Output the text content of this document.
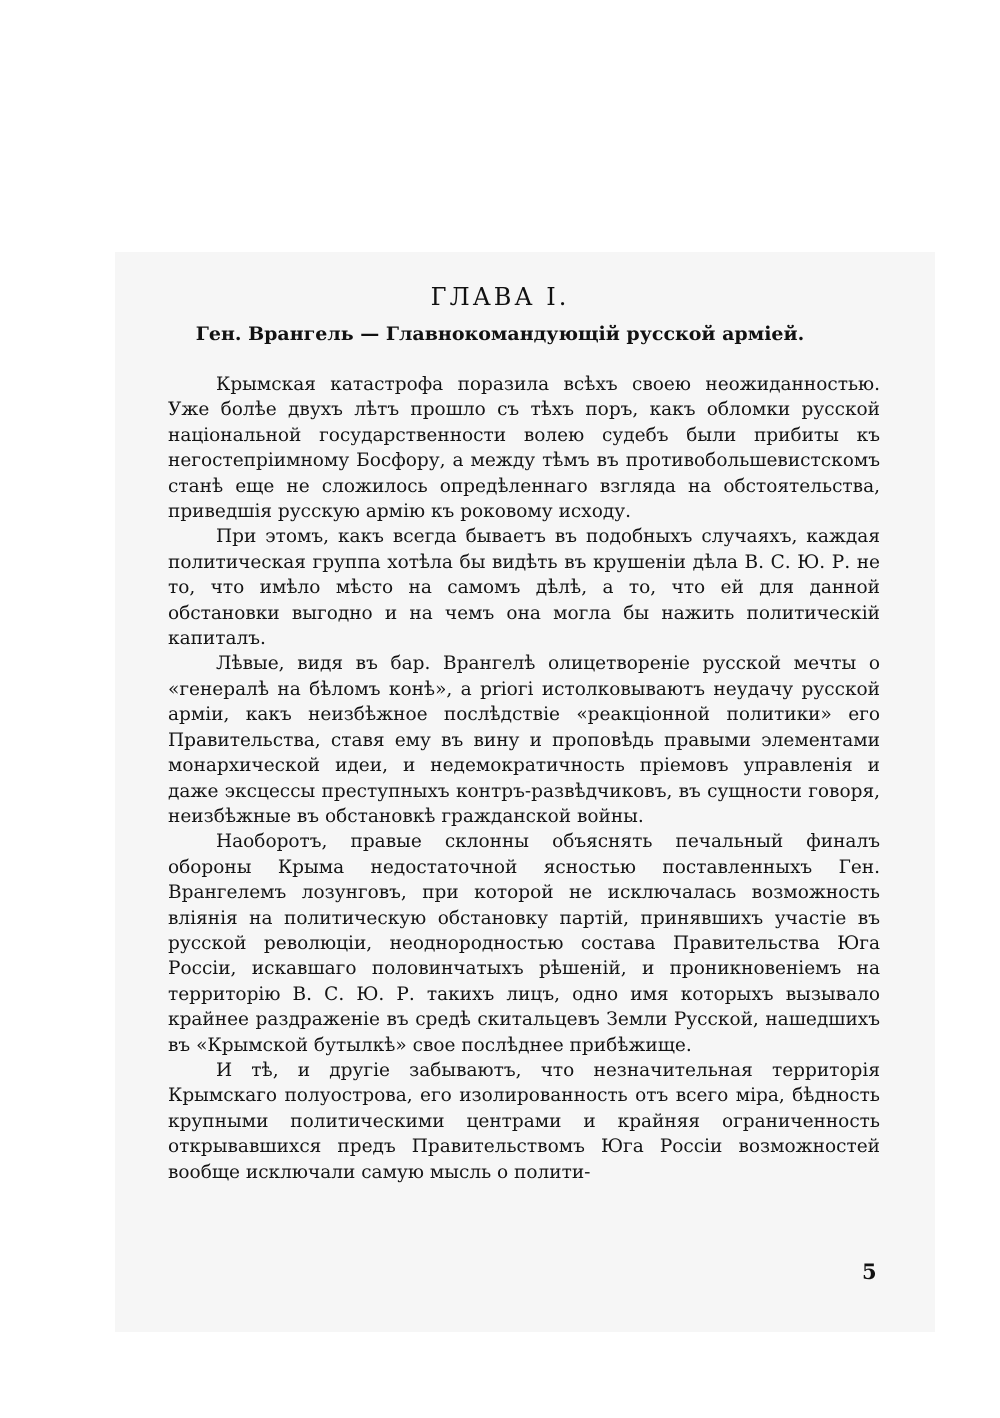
ГЛАВА I.
Ген. Врангель — Главнокомандующій русской арміей.

Крымская катастрофа поразила всѣхъ своею неожиданностью. Уже болѣе двухъ лѣтъ прошло съ тѣхъ поръ, какъ обломки русской національной государственности волею судебъ были прибиты къ негостепріимному Босфору, а между тѣмъ въ противобольшевистскомъ станѣ еще не сложилось опредѣленнаго взгляда на обстоятельства, приведшія русскую армію къ роковому исходу.

При этомъ, какъ всегда бываетъ въ подобныхъ случаяхъ, каждая политическая группа хотѣла бы видѣть въ крушеніи дѣла В. С. Ю. Р. не то, что имѣло мѣсто на самомъ дѣлѣ, а то, что ей для данной обстановки выгодно и на чемъ она могла бы нажить политическій капиталъ.

Лѣвые, видя въ бар. Врангелѣ олицетвореніе русской мечты о «генералѣ на бѣломъ конѣ», а prioгі истолковываютъ неудачу русской арміи, какъ неизбѣжное послѣдствіе «реакціонной политики» его Правительства, ставя ему въ вину и проповѣдь правыми элементами монархической идеи, и недемократичность пріемовъ управленія и даже эксцессы преступныхъ контръ-развѣдчиковъ, въ сущности говоря, неизбѣжные въ обстановкѣ гражданской войны.

Наоборотъ, правые склонны объяснять печальный финалъ обороны Крыма недостаточной ясностью поставленныхъ Ген. Врангелемъ лозунговъ, при которой не исключалась возможность вліянія на политическую обстановку партій, принявшихъ участіе въ русской революціи, неоднородностью состава Правительства Юга Россіи, искавшаго половинчатыхъ рѣшеній, и проникновеніемъ на территорію В. С. Ю. Р. такихъ лицъ, одно имя которыхъ вызывало крайнее раздраженіе въ средѣ скитальцевъ Земли Русской, нашедшихъ въ «Крымской бутылкѣ» свое послѣднее прибѣжище.

И тѣ, и другіе забываютъ, что незначительная территорія Крымскаго полуострова, его изолированность отъ всего міра, бѣдность крупными политическими центрами и крайняя ограниченность открывавшихся предъ Правительствомъ Юга Россіи возможностей вообще исключали самую мысль о полити-

5
